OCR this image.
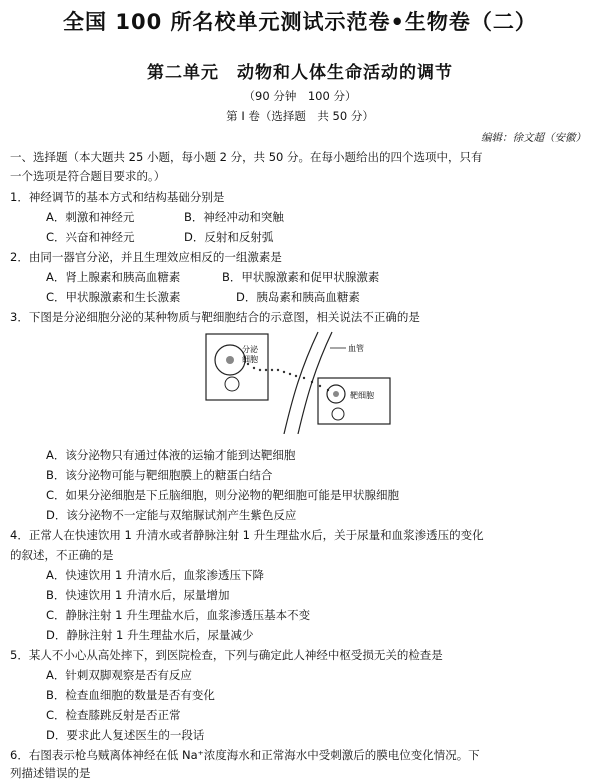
全国 100 所名校单元测试示范卷•生物卷（二）
第二单元　动物和人体生命活动的调节
（90 分钟　100 分）
第 I 卷（选择题　共 50 分）
编辑：徐文超（安徽）
一、选择题（本大题共 25 小题，每小题 2 分，共 50 分。在每小题给出的四个选项中，只有
一个选项是符合题目要求的。）
1．神经调节的基本方式和结构基础分别是
A．刺激和神经元	B．神经冲动和突触
C．兴奋和神经元	D．反射和反射弧
2．由同一器官分泌，并且生理效应相反的一组激素是
A．肾上腺素和胰高血糖素	B．甲状腺激素和促甲状腺激素
C．甲状腺激素和生长激素	D．胰岛素和胰高血糖素
3．下图是分泌细胞分泌的某种物质与靶细胞结合的示意图，相关说法不正确的是
分泌
细胞
血管
靶细胞
A．该分泌物只有通过体液的运输才能到达靶细胞
B．该分泌物可能与靶细胞膜上的糖蛋白结合
C．如果分泌细胞是下丘脑细胞，则分泌物的靶细胞可能是甲状腺细胞
D．该分泌物不一定能与双缩脲试剂产生紫色反应
4．正常人在快速饮用 1 升清水或者静脉注射 1 升生理盐水后，关于尿量和血浆渗透压的变化
的叙述，不正确的是
A．快速饮用 1 升清水后，血浆渗透压下降
B．快速饮用 1 升清水后，尿量增加
C．静脉注射 1 升生理盐水后，血浆渗透压基本不变
D．静脉注射 1 升生理盐水后，尿量减少
5．某人不小心从高处摔下，到医院检查，下列与确定此人神经中枢受损无关的检查是
A．针刺双脚观察是否有反应
B．检查血细胞的数量是否有变化
C．检查膝跳反射是否正常
D．要求此人复述医生的一段话
6．右图表示枪乌贼离体神经在低 Na⁺浓度海水和正常海水中受刺激后的膜电位变化情况。下
列描述错误的是
